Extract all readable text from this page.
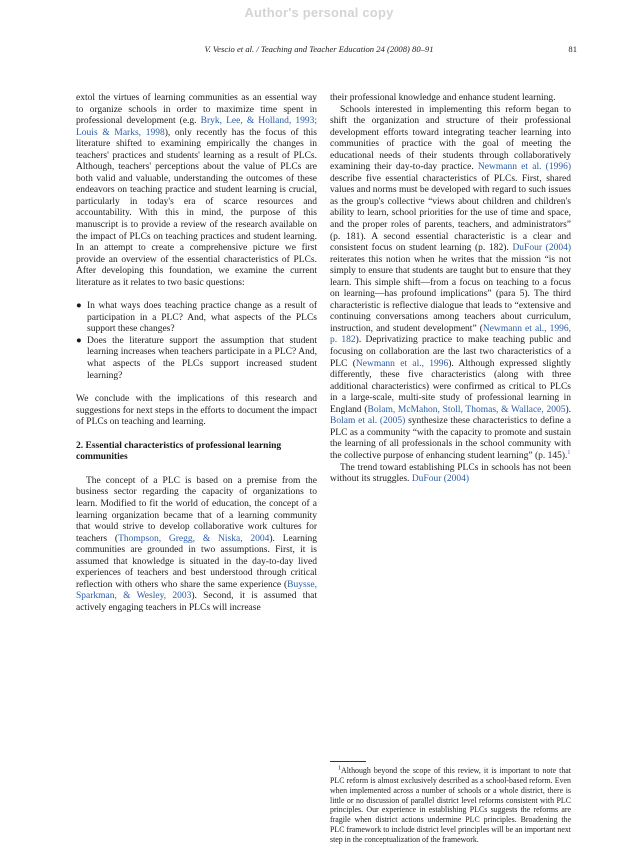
Author's personal copy
V. Vescio et al. / Teaching and Teacher Education 24 (2008) 80–91	81

extol the virtues of learning communities as an essential way to organize schools in order to maximize time spent in professional development (e.g. Bryk, Lee, & Holland, 1993; Louis & Marks, 1998), only recently has the focus of this literature shifted to examining empirically the changes in teachers' practices and students' learning as a result of PLCs. Although, teachers' perceptions about the value of PLCs are both valid and valuable, understanding the outcomes of these endeavors on teaching practice and student learning is crucial, particularly in today's era of scarce resources and accountability. With this in mind, the purpose of this manuscript is to provide a review of the research available on the impact of PLCs on teaching practices and student learning. In an attempt to create a comprehensive picture we first provide an overview of the essential characteristics of PLCs. After developing this foundation, we examine the current literature as it relates to two basic questions:

● In what ways does teaching practice change as a result of participation in a PLC? And, what aspects of the PLCs support these changes?
● Does the literature support the assumption that student learning increases when teachers participate in a PLC? And, what aspects of the PLCs support increased student learning?

We conclude with the implications of this research and suggestions for next steps in the efforts to document the impact of PLCs on teaching and learning.

2. Essential characteristics of professional learning communities

The concept of a PLC is based on a premise from the business sector regarding the capacity of organizations to learn. Modified to fit the world of education, the concept of a learning organization became that of a learning community that would strive to develop collaborative work cultures for teachers (Thompson, Gregg, & Niska, 2004). Learning communities are grounded in two assumptions. First, it is assumed that knowledge is situated in the day-to-day lived experiences of teachers and best understood through critical reflection with others who share the same experience (Buysse, Sparkman, & Wesley, 2003). Second, it is assumed that actively engaging teachers in PLCs will increase

their professional knowledge and enhance student learning.

Schools interested in implementing this reform began to shift the organization and structure of their professional development efforts toward integrating teacher learning into communities of practice with the goal of meeting the educational needs of their students through collaboratively examining their day-to-day practice. Newmann et al. (1996) describe five essential characteristics of PLCs. First, shared values and norms must be developed with regard to such issues as the group's collective “views about children and children's ability to learn, school priorities for the use of time and space, and the proper roles of parents, teachers, and administrators” (p. 181). A second essential characteristic is a clear and consistent focus on student learning (p. 182). DuFour (2004) reiterates this notion when he writes that the mission “is not simply to ensure that students are taught but to ensure that they learn. This simple shift—from a focus on teaching to a focus on learning—has profound implications” (para 5). The third characteristic is reflective dialogue that leads to “extensive and continuing conversations among teachers about curriculum, instruction, and student development” (Newmann et al., 1996, p. 182). Deprivatizing practice to make teaching public and focusing on collaboration are the last two characteristics of a PLC (Newmann et al., 1996). Although expressed slightly differently, these five characteristics (along with three additional characteristics) were confirmed as critical to PLCs in a large-scale, multi-site study of professional learning in England (Bolam, McMahon, Stoll, Thomas, & Wallace, 2005). Bolam et al. (2005) synthesize these characteristics to define a PLC as a community “with the capacity to promote and sustain the learning of all professionals in the school community with the collective purpose of enhancing student learning” (p. 145).$^1$

The trend toward establishing PLCs in schools has not been without its struggles. DuFour (2004)

$^1$Although beyond the scope of this review, it is important to note that PLC reform is almost exclusively described as a school-based reform. Even when implemented across a number of schools or a whole district, there is little or no discussion of parallel district level reforms consistent with PLC principles. Our experience in establishing PLCs suggests the reforms are fragile when district actions undermine PLC principles. Broadening the PLC framework to include district level principles will be an important next step in the conceptualization of the framework.
